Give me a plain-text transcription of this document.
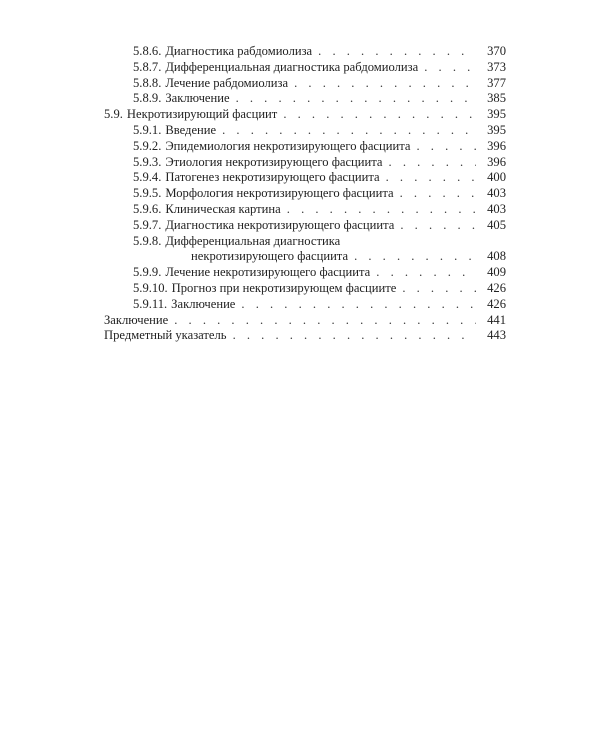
5.8.6. Диагностика рабдомиолиза . . .	370
5.8.7. Дифференциальная диагностика рабдомиолиза . . .	373
5.8.8. Лечение рабдомиолиза . . .	377
5.8.9. Заключение . . .	385
5.9. Некротизирующий фасциит . . .	395
5.9.1. Введение . . .	395
5.9.2. Эпидемиология некротизирующего фасциита . . .	396
5.9.3. Этиология некротизирующего фасциита . . .	396
5.9.4. Патогенез некротизирующего фасциита . . .	400
5.9.5. Морфология некротизирующего фасциита . . .	403
5.9.6. Клиническая картина . . .	403
5.9.7. Диагностика некротизирующего фасциита . . .	405
5.9.8. Дифференциальная диагностика
некротизирующего фасциита . . .	408
5.9.9. Лечение некротизирующего фасциита . . .	409
5.9.10. Прогноз при некротизирующем фасциите . . .	426
5.9.11. Заключение . . .	426
Заключение . . .	441
Предметный указатель . . .	443
